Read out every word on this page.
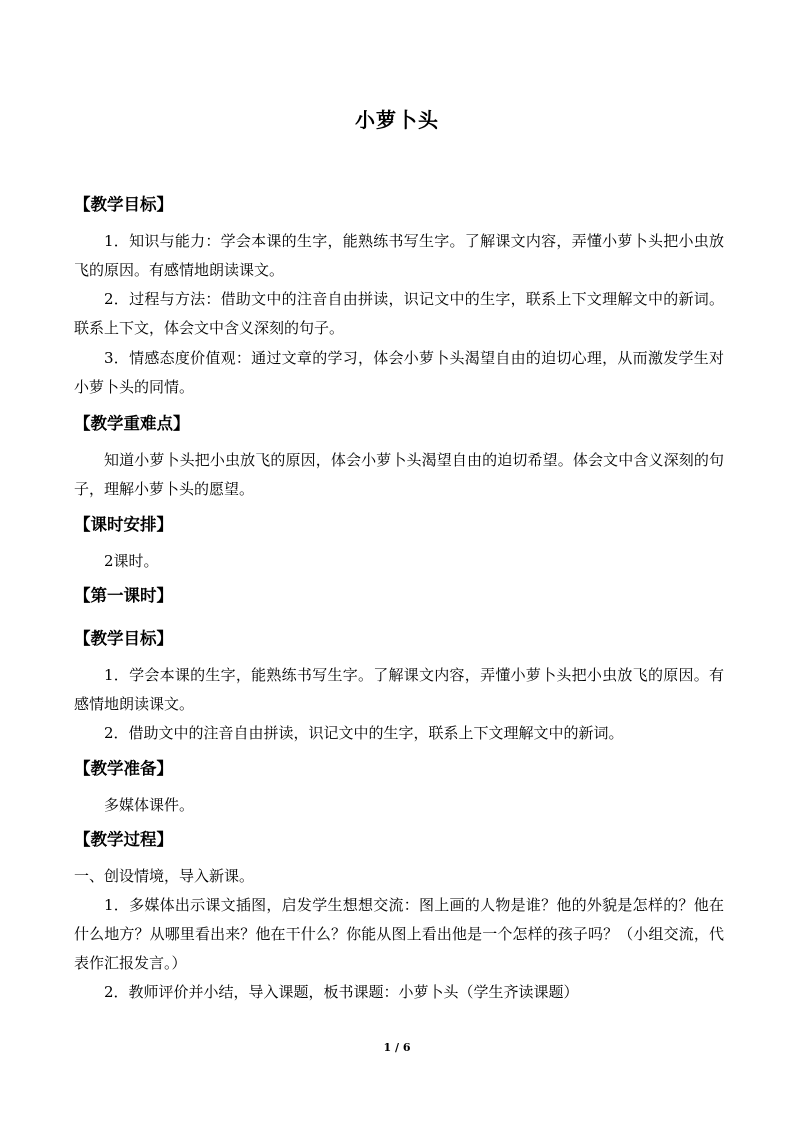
小萝卜头
【教学目标】
1．知识与能力：学会本课的生字，能熟练书写生字。了解课文内容，弄懂小萝卜头把小虫放飞的原因。有感情地朗读课文。
2．过程与方法：借助文中的注音自由拼读，识记文中的生字，联系上下文理解文中的新词。联系上下文，体会文中含义深刻的句子。
3．情感态度价值观：通过文章的学习，体会小萝卜头渴望自由的迫切心理，从而激发学生对小萝卜头的同情。
【教学重难点】
知道小萝卜头把小虫放飞的原因，体会小萝卜头渴望自由的迫切希望。体会文中含义深刻的句子，理解小萝卜头的愿望。
【课时安排】
2课时。
【第一课时】
【教学目标】
1．学会本课的生字，能熟练书写生字。了解课文内容，弄懂小萝卜头把小虫放飞的原因。有感情地朗读课文。
2．借助文中的注音自由拼读，识记文中的生字，联系上下文理解文中的新词。
【教学准备】
多媒体课件。
【教学过程】
一、创设情境，导入新课。
1．多媒体出示课文插图，启发学生想想交流：图上画的人物是谁？他的外貌是怎样的？他在什么地方？从哪里看出来？他在干什么？你能从图上看出他是一个怎样的孩子吗？（小组交流，代表作汇报发言。）
2．教师评价并小结，导入课题，板书课题：小萝卜头（学生齐读课题）
1 / 6
